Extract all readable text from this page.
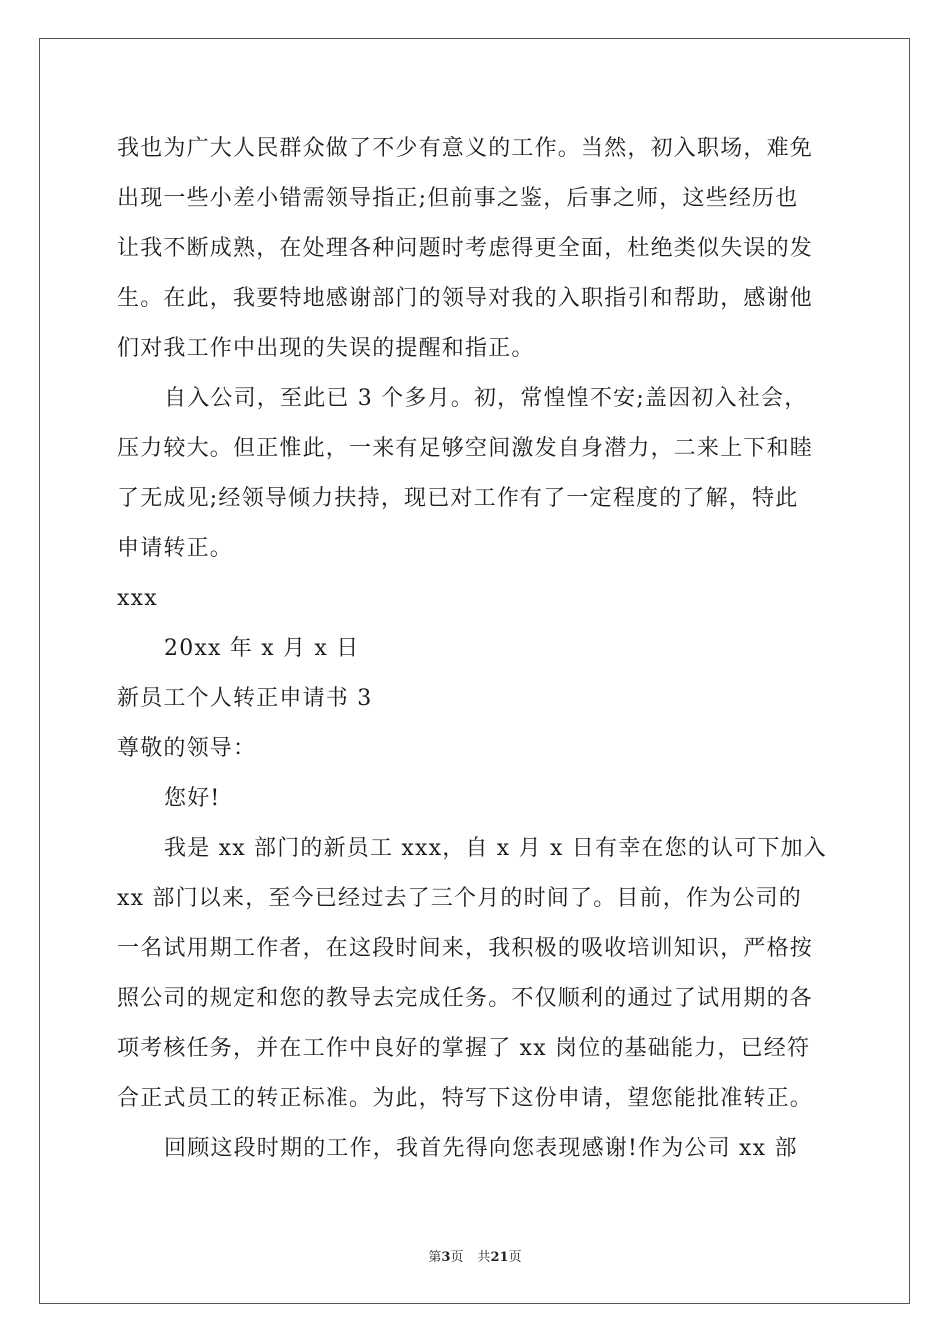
我也为广大人民群众做了不少有意义的工作。当然，初入职场，难免
出现一些小差小错需领导指正;但前事之鉴，后事之师，这些经历也
让我不断成熟，在处理各种问题时考虑得更全面，杜绝类似失误的发
生。在此，我要特地感谢部门的领导对我的入职指引和帮助，感谢他
们对我工作中出现的失误的提醒和指正。
自入公司，至此已 3 个多月。初，常惶惶不安;盖因初入社会，
压力较大。但正惟此，一来有足够空间激发自身潜力，二来上下和睦
了无成见;经领导倾力扶持，现已对工作有了一定程度的了解，特此
申请转正。
xxx
20xx 年 x 月 x 日
新员工个人转正申请书 3
尊敬的领导：
您好!
我是 xx 部门的新员工 xxx，自 x 月 x 日有幸在您的认可下加入
xx 部门以来，至今已经过去了三个月的时间了。目前，作为公司的
一名试用期工作者，在这段时间来，我积极的吸收培训知识，严格按
照公司的规定和您的教导去完成任务。不仅顺利的通过了试用期的各
项考核任务，并在工作中良好的掌握了 xx 岗位的基础能力，已经符
合正式员工的转正标准。为此，特写下这份申请，望您能批准转正。
回顾这段时期的工作，我首先得向您表现感谢!作为公司 xx 部
第3页 共21页
